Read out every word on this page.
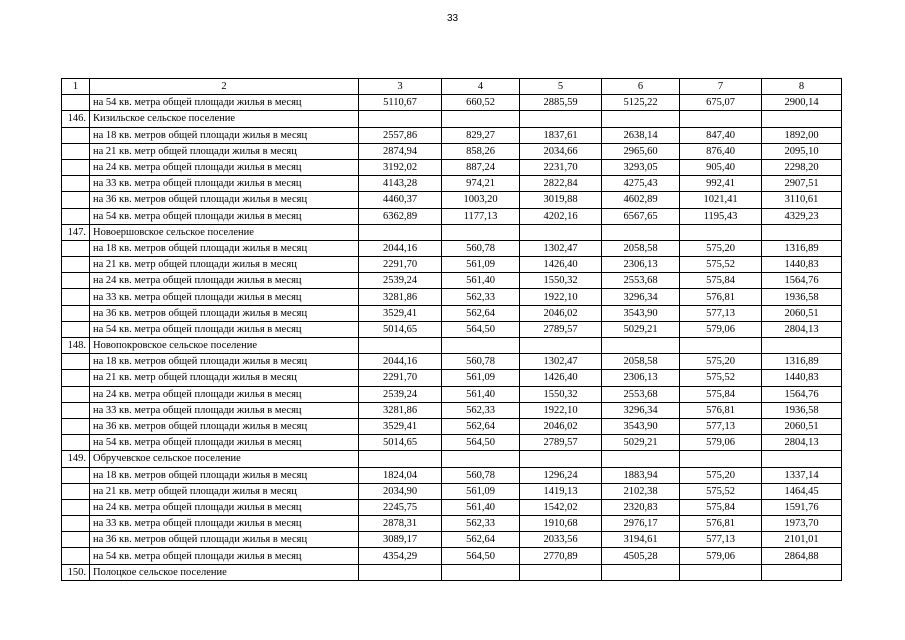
33
1	2	3	4	5	6	7	8
	на 54 кв. метра общей площади жилья в месяц	5110,67	660,52	2885,59	5125,22	675,07	2900,14
146.	Кизильское сельское поселение						
	на 18 кв. метров общей площади жилья в месяц	2557,86	829,27	1837,61	2638,14	847,40	1892,00
	на 21 кв. метр общей площади жилья в месяц	2874,94	858,26	2034,66	2965,60	876,40	2095,10
	на 24 кв. метра общей площади жилья в месяц	3192,02	887,24	2231,70	3293,05	905,40	2298,20
	на 33 кв. метра общей площади жилья в месяц	4143,28	974,21	2822,84	4275,43	992,41	2907,51
	на 36 кв. метров общей площади жилья в месяц	4460,37	1003,20	3019,88	4602,89	1021,41	3110,61
	на 54 кв. метра общей площади жилья в месяц	6362,89	1177,13	4202,16	6567,65	1195,43	4329,23
147.	Новоершовское сельское поселение						
	на 18 кв. метров общей площади жилья в месяц	2044,16	560,78	1302,47	2058,58	575,20	1316,89
	на 21 кв. метр общей площади жилья в месяц	2291,70	561,09	1426,40	2306,13	575,52	1440,83
	на 24 кв. метра общей площади жилья в месяц	2539,24	561,40	1550,32	2553,68	575,84	1564,76
	на 33 кв. метра общей площади жилья в месяц	3281,86	562,33	1922,10	3296,34	576,81	1936,58
	на 36 кв. метров общей площади жилья в месяц	3529,41	562,64	2046,02	3543,90	577,13	2060,51
	на 54 кв. метра общей площади жилья в месяц	5014,65	564,50	2789,57	5029,21	579,06	2804,13
148.	Новопокровское сельское поселение						
	на 18 кв. метров общей площади жилья в месяц	2044,16	560,78	1302,47	2058,58	575,20	1316,89
	на 21 кв. метр общей площади жилья в месяц	2291,70	561,09	1426,40	2306,13	575,52	1440,83
	на 24 кв. метра общей площади жилья в месяц	2539,24	561,40	1550,32	2553,68	575,84	1564,76
	на 33 кв. метра общей площади жилья в месяц	3281,86	562,33	1922,10	3296,34	576,81	1936,58
	на 36 кв. метров общей площади жилья в месяц	3529,41	562,64	2046,02	3543,90	577,13	2060,51
	на 54 кв. метра общей площади жилья в месяц	5014,65	564,50	2789,57	5029,21	579,06	2804,13
149.	Обручевское сельское поселение						
	на 18 кв. метров общей площади жилья в месяц	1824,04	560,78	1296,24	1883,94	575,20	1337,14
	на 21 кв. метр общей площади жилья в месяц	2034,90	561,09	1419,13	2102,38	575,52	1464,45
	на 24 кв. метра общей площади жилья в месяц	2245,75	561,40	1542,02	2320,83	575,84	1591,76
	на 33 кв. метра общей площади жилья в месяц	2878,31	562,33	1910,68	2976,17	576,81	1973,70
	на 36 кв. метров общей площади жилья в месяц	3089,17	562,64	2033,56	3194,61	577,13	2101,01
	на 54 кв. метра общей площади жилья в месяц	4354,29	564,50	2770,89	4505,28	579,06	2864,88
150.	Полоцкое сельское поселение						
